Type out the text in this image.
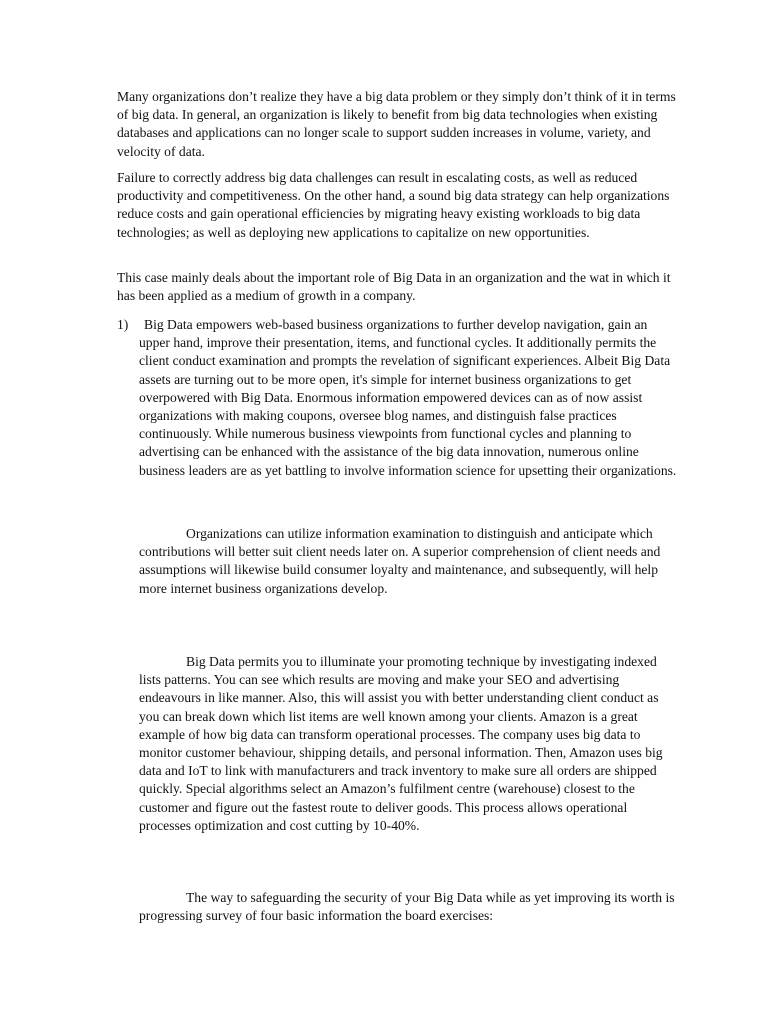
Many organizations don’t realize they have a big data problem or they simply don’t think of it in terms of big data. In general, an organization is likely to benefit from big data technologies when existing databases and applications can no longer scale to support sudden increases in volume, variety, and velocity of data.

Failure to correctly address big data challenges can result in escalating costs, as well as reduced productivity and competitiveness. On the other hand, a sound big data strategy can help organizations reduce costs and gain operational efficiencies by migrating heavy existing workloads to big data technologies; as well as deploying new applications to capitalize on new opportunities.

This case mainly deals about the important role of Big Data in an organization and the wat in which it has been applied as a medium of growth in a company.

1)	Big Data empowers web-based business organizations to further develop navigation, gain an upper hand, improve their presentation, items, and functional cycles. It additionally permits the client conduct examination and prompts the revelation of significant experiences. Albeit Big Data assets are turning out to be more open, it's simple for internet business organizations to get overpowered with Big Data. Enormous information empowered devices can as of now assist organizations with making coupons, oversee blog names, and distinguish false practices continuously. While numerous business viewpoints from functional cycles and planning to advertising can be enhanced with the assistance of the big data innovation, numerous online business leaders are as yet battling to involve information science for upsetting their organizations.

Organizations can utilize information examination to distinguish and anticipate which contributions will better suit client needs later on. A superior comprehension of client needs and assumptions will likewise build consumer loyalty and maintenance, and subsequently, will help more internet business organizations develop.

Big Data permits you to illuminate your promoting technique by investigating indexed lists patterns. You can see which results are moving and make your SEO and advertising endeavours in like manner. Also, this will assist you with better understanding client conduct as you can break down which list items are well known among your clients. Amazon is a great example of how big data can transform operational processes. The company uses big data to monitor customer behaviour, shipping details, and personal information. Then, Amazon uses big data and IoT to link with manufacturers and track inventory to make sure all orders are shipped quickly. Special algorithms select an Amazon’s fulfilment centre (warehouse) closest to the customer and figure out the fastest route to deliver goods. This process allows operational processes optimization and cost cutting by 10-40%.

The way to safeguarding the security of your Big Data while as yet improving its worth is progressing survey of four basic information the board exercises:
